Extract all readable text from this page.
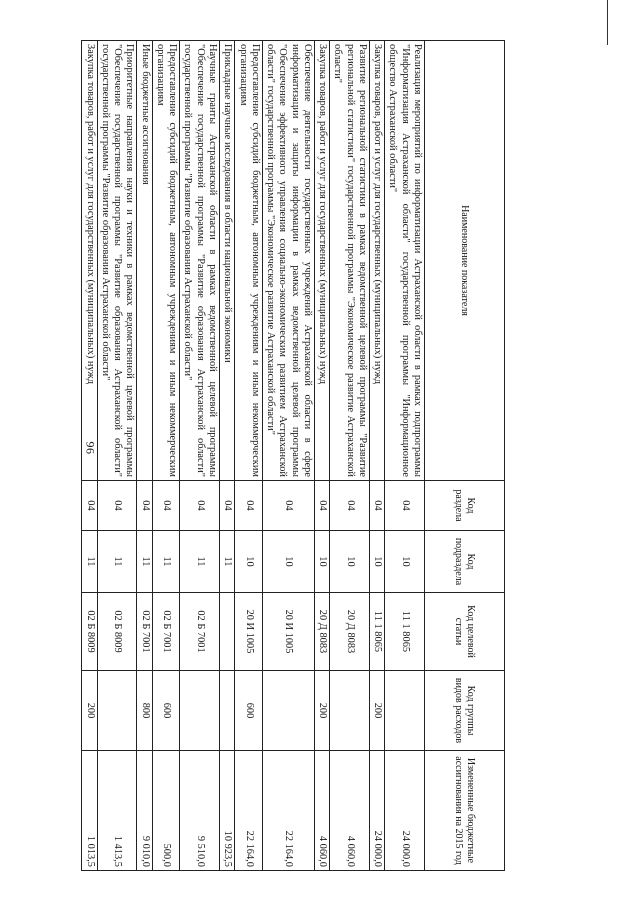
96
Наименование показателя	Код раздела	Код подраздела	Код целевой статьи	Код группы видов расходов	Измененные бюджетные ассигнования на 2015 год
Реализация мероприятий по информатизации Астраханской области в рамках подпрограммы "Информатизация Астраханской области" государственной программы "Информационное общество Астраханской области"	04	10	11 1 8065		24 000,0
Закупка товаров, работ и услуг для государственных (муниципальных) нужд	04	10	11 1 8065	200	24 000,0
Развитие региональной статистики в рамках ведомственной целевой программы "Развитие региональной статистики" государственной программы "Экономическое развитие Астраханской области"	04	10	20 Д 8083		4 060,0
Закупка товаров, работ и услуг для государственных (муниципальных) нужд	04	10	20 Д 8083	200	4 060,0
Обеспечение деятельности государственных учреждений Астраханской области в сфере информатизации и защиты информации в рамках ведомственной целевой программы "Обеспечение эффективного управления социально-экономическим развитием Астраханской области" государственной программы "Экономическое развитие Астраханской области"	04	10	20 И 1005		22 164,0
Предоставление субсидий бюджетным, автономным учреждениям и иным некоммерческим организациям	04	10	20 И 1005	600	22 164,0
Прикладные научные исследования в области национальной экономики	04	11			10 923,5
Научные гранты Астраханской области в рамках ведомственной целевой программы "Обеспечение государственной программы "Развитие образования Астраханской области" государственной программы "Развитие образования Астраханской области"	04	11	02 Б 7001		9 510,0
Предоставление субсидий бюджетным, автономным учреждениям и иным некоммерческим организациям	04	11	02 Б 7001	600	500,0
Иные бюджетные ассигнования	04	11	02 Б 7001	800	9 010,0
Приоритетные направления науки и техники в рамках ведомственной целевой программы "Обеспечение государственной программы "Развитие образования Астраханской области" государственной программы "Развитие образования Астраханской области"	04	11	02 Б 8009		1 413,5
Закупка товаров, работ и услуг для государственных (муниципальных) нужд	04	11	02 Б 8009	200	1 013,5
